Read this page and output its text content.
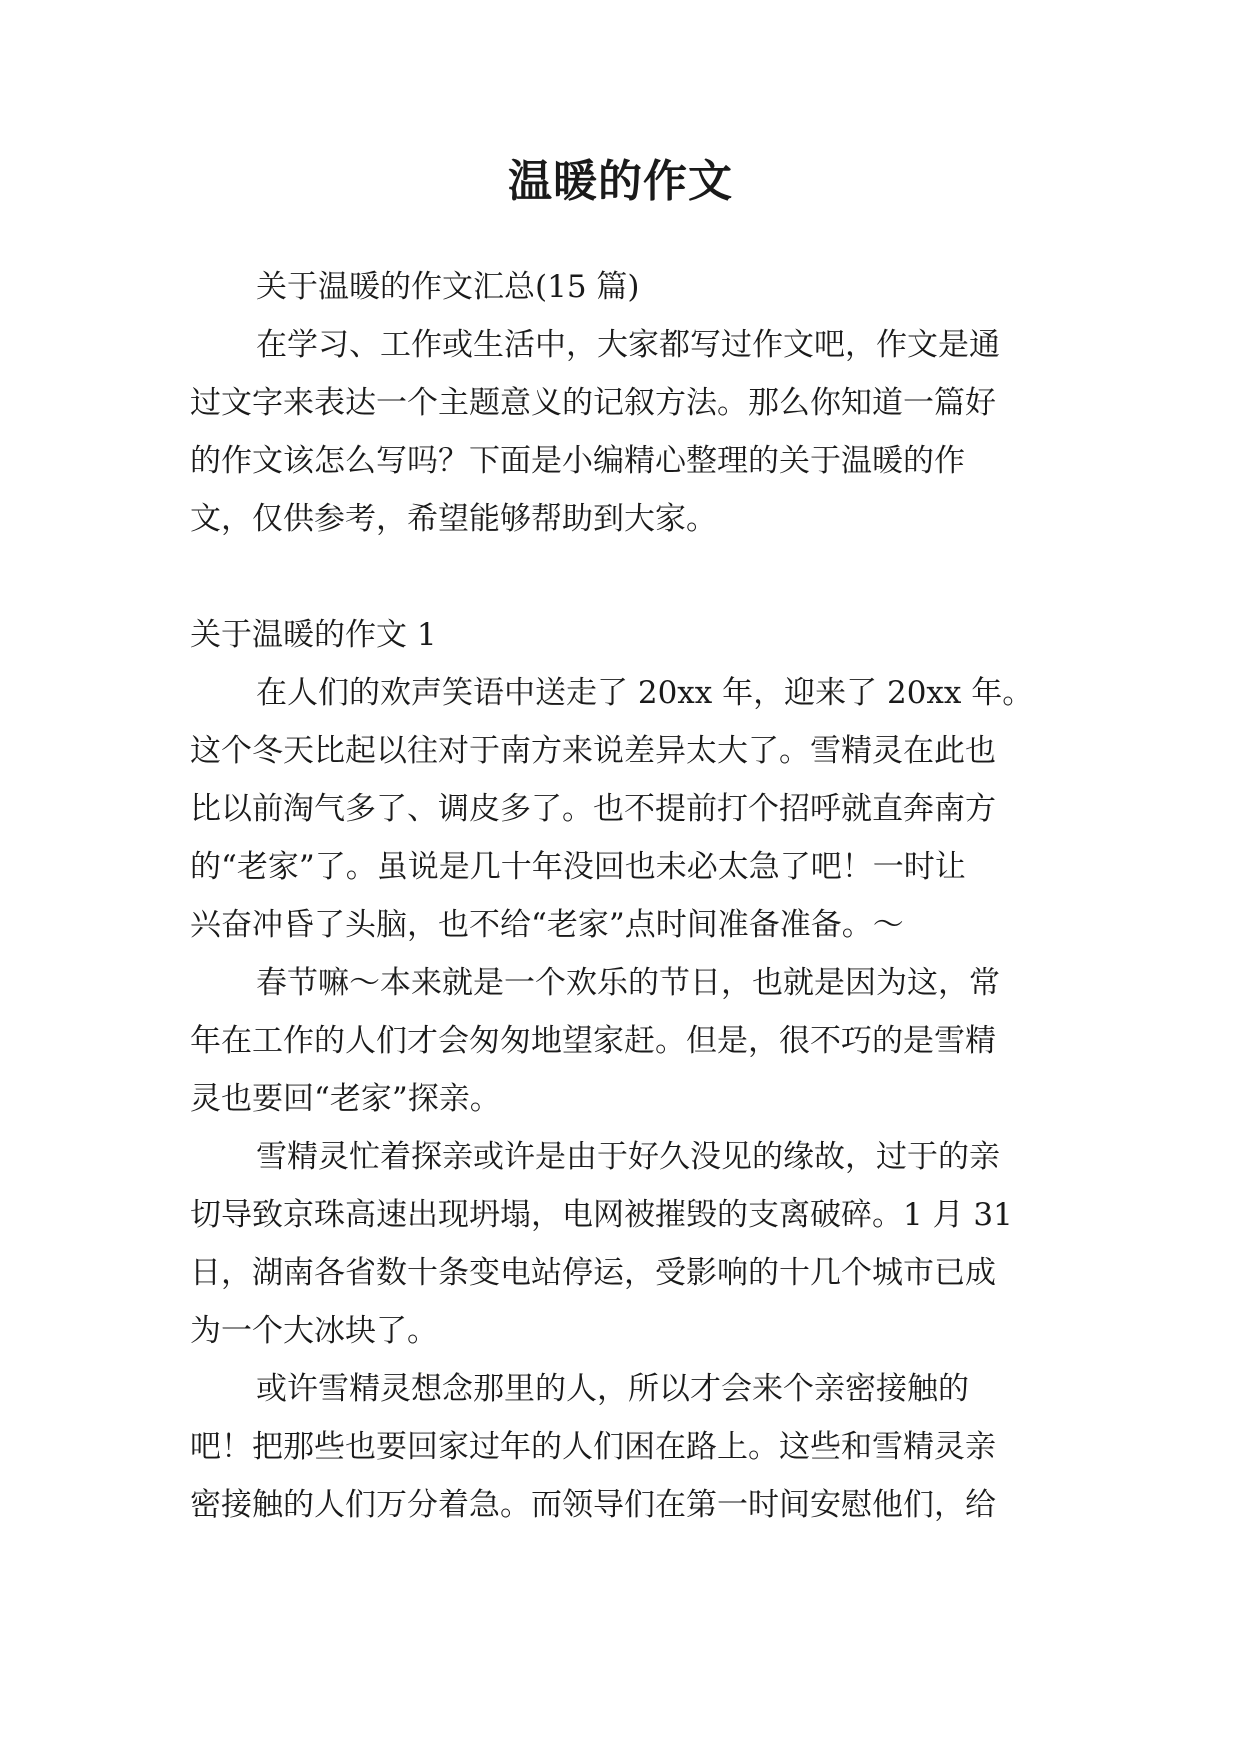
温暖的作文
关于温暖的作文汇总(15 篇)
在学习、工作或生活中，大家都写过作文吧，作文是通
过文字来表达一个主题意义的记叙方法。那么你知道一篇好
的作文该怎么写吗？下面是小编精心整理的关于温暖的作
文，仅供参考，希望能够帮助到大家。
关于温暖的作文 1
在人们的欢声笑语中送走了 20xx 年，迎来了 20xx 年。
这个冬天比起以往对于南方来说差异太大了。雪精灵在此也
比以前淘气多了、调皮多了。也不提前打个招呼就直奔南方
的“老家”了。虽说是几十年没回也未必太急了吧！一时让
兴奋冲昏了头脑，也不给“老家”点时间准备准备。～
春节嘛～本来就是一个欢乐的节日，也就是因为这，常
年在工作的人们才会匆匆地望家赶。但是，很不巧的是雪精
灵也要回“老家”探亲。
雪精灵忙着探亲或许是由于好久没见的缘故，过于的亲
切导致京珠高速出现坍塌，电网被摧毁的支离破碎。1 月 31
日，湖南各省数十条变电站停运，受影响的十几个城市已成
为一个大冰块了。
或许雪精灵想念那里的人，所以才会来个亲密接触的
吧！把那些也要回家过年的人们困在路上。这些和雪精灵亲
密接触的人们万分着急。而领导们在第一时间安慰他们，给
